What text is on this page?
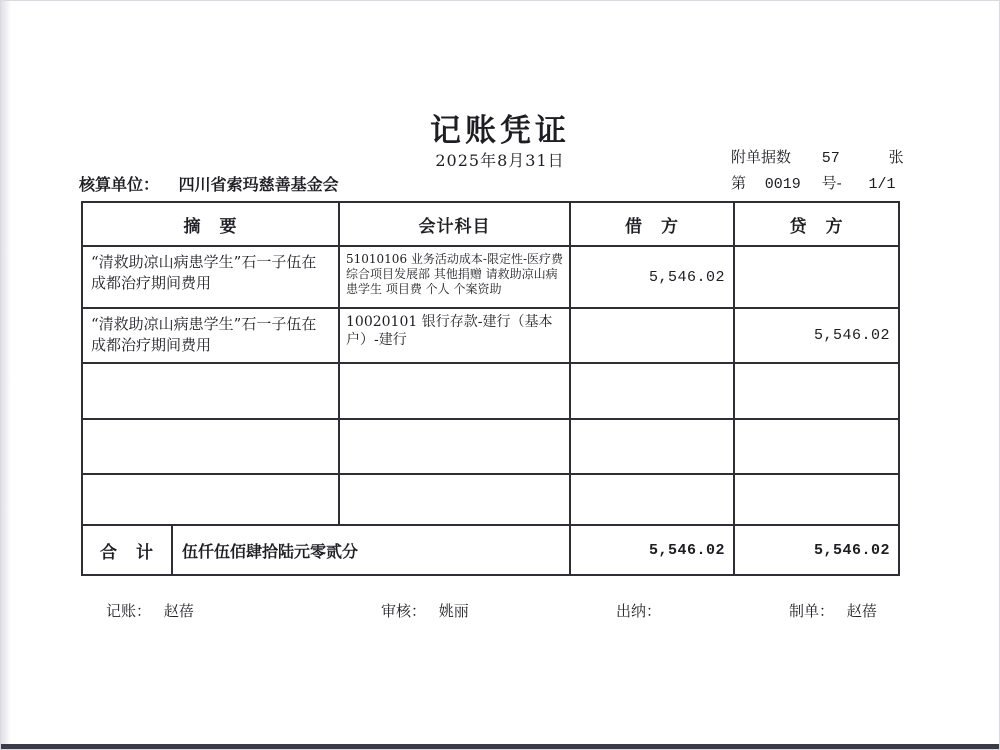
记账凭证
2025年8月31日	附单据数 57	张
第 0019 号- 1/1
核算单位： 四川省索玛慈善基金会
摘　要		会计科目	借　方	贷　方
“清救助凉山病患学生”石一子伍在成都治疗期间费用		51010106 业务活动成本-限定性-医疗费 综合项目发展部 其他捐赠 请救助凉山病患学生 项目费 个人 个案资助	5,546.02	
“清救助凉山病患学生”石一子伍在成都治疗期间费用		10020101 银行存款-建行（基本户）-建行		5,546.02

合　计	伍仟伍佰肆拾陆元零贰分		5,546.02	5,546.02
记账： 赵蓓	审核： 姚丽	出纳：	制单： 赵蓓
